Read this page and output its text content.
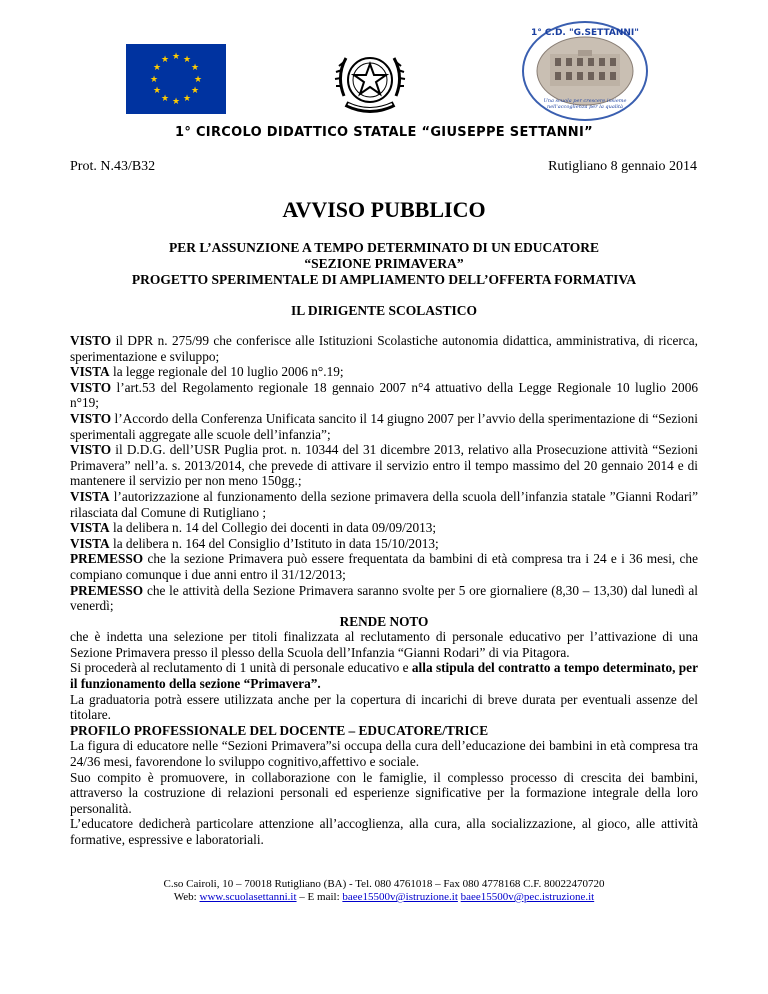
★ ★
★
★
★
★
★
★
★
★
★
★
1° C.D. "G.SETTANNI"
Una scuola per crescere insieme nell'accoglienza per la qualità
1° CIRCOLO DIDATTICO STATALE “GIUSEPPE SETTANNI”
Prot. N.43/B32	Rutigliano 8 gennaio 2014
AVVISO PUBBLICO
PER L’ASSUNZIONE A TEMPO DETERMINATO DI UN EDUCATORE
“SEZIONE PRIMAVERA”
PROGETTO SPERIMENTALE DI AMPLIAMENTO DELL’OFFERTA FORMATIVA
IL DIRIGENTE SCOLASTICO

VISTO il DPR n. 275/99 che conferisce alle Istituzioni Scolastiche autonomia didattica, amministrativa, di ricerca, sperimentazione e sviluppo;

VISTA la legge regionale del 10 luglio 2006 n°.19;

VISTO l’art.53 del Regolamento regionale 18 gennaio 2007 n°4 attuativo della Legge Regionale 10 luglio 2006 n°19;

VISTO l’Accordo della Conferenza Unificata sancito il 14 giugno 2007 per l’avvio della sperimentazione di “Sezioni sperimentali aggregate alle scuole dell’infanzia”;

VISTO il D.D.G. dell’USR Puglia prot. n. 10344 del 31 dicembre 2013, relativo alla Prosecuzione attività “Sezioni Primavera” nell’a. s. 2013/2014, che prevede di attivare il servizio entro il tempo massimo del 20 gennaio 2014 e di mantenere il servizio per non meno 150gg.;

VISTA l’autorizzazione al funzionamento della sezione primavera della scuola dell’infanzia statale ”Gianni Rodari” rilasciata dal Comune di Rutigliano ;

VISTA la delibera n. 14 del Collegio dei docenti in data 09/09/2013;

VISTA la delibera n. 164 del Consiglio d’Istituto in data 15/10/2013;

PREMESSO che la sezione Primavera può essere frequentata da bambini di età compresa tra i 24 e i 36 mesi, che compiano comunque i due anni entro il 31/12/2013;

PREMESSO che le attività della Sezione Primavera saranno svolte per 5 ore giornaliere (8,30 – 13,30) dal lunedì al venerdì;

RENDE NOTO

che è indetta una selezione per titoli finalizzata al reclutamento di personale educativo per l’attivazione di una Sezione Primavera presso il plesso della Scuola dell’Infanzia “Gianni Rodari” di via Pitagora.

Si procederà al reclutamento di 1 unità di personale educativo e alla stipula del contratto a tempo determinato, per il funzionamento della sezione “Primavera”.

La graduatoria potrà essere utilizzata anche per la copertura di incarichi di breve durata per eventuali assenze del titolare.

PROFILO PROFESSIONALE DEL DOCENTE – EDUCATORE/TRICE

La figura di educatore nelle “Sezioni Primavera”si occupa della cura dell’educazione dei bambini in età compresa tra 24/36 mesi, favorendone lo sviluppo cognitivo,affettivo e sociale.

Suo compito è promuovere, in collaborazione con le famiglie, il complesso processo di crescita dei bambini, attraverso la costruzione di relazioni personali ed esperienze significative per la formazione integrale della loro personalità.

L’educatore dedicherà particolare attenzione all’accoglienza, alla cura, alla socializzazione, al gioco, alle attività formative, espressive e laboratoriali.

C.so Cairoli, 10 – 70018 Rutigliano (BA) - Tel. 080 4761018 – Fax 080 4778168 C.F. 80022470720
Web: www.scuolasettanni.it – E mail: baee15500v@istruzione.it baee15500v@pec.istruzione.it
